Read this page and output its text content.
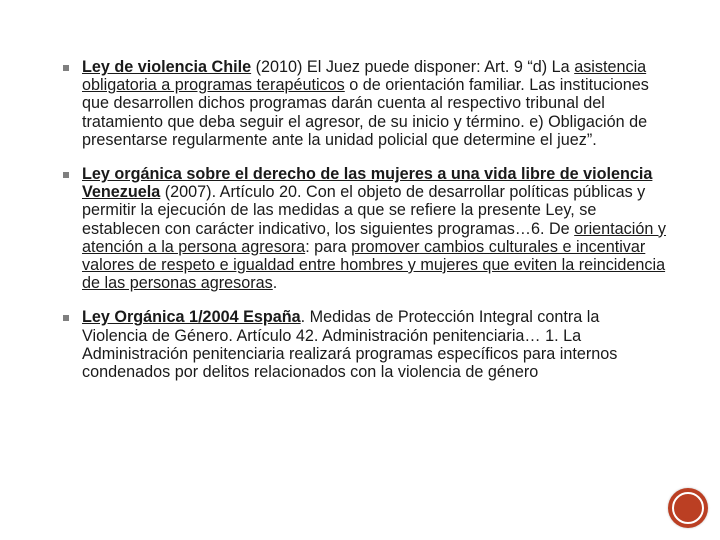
Ley de violencia Chile (2010) El Juez puede disponer: Art. 9 “d) La asistencia obligatoria a programas terapéuticos o de orientación familiar. Las instituciones que desarrollen dichos programas darán cuenta al respectivo tribunal del tratamiento que deba seguir el agresor, de su inicio y término. e) Obligación de presentarse regularmente ante la unidad policial que determine el juez”.
Ley orgánica sobre el derecho de las mujeres a una vida libre de violencia Venezuela (2007). Artículo 20. Con el objeto de desarrollar políticas públicas y permitir la ejecución de las medidas a que se refiere la presente Ley, se establecen con carácter indicativo, los siguientes programas…6. De orientación y atención a la persona agresora: para promover cambios culturales e incentivar valores de respeto e igualdad entre hombres y mujeres que eviten la reincidencia de las personas agresoras.
Ley Orgánica 1/2004 España. Medidas de Protección Integral contra la Violencia de Género. Artículo 42. Administración penitenciaria… 1. La Administración penitenciaria realizará programas específicos para internos condenados por delitos relacionados con la violencia de género
